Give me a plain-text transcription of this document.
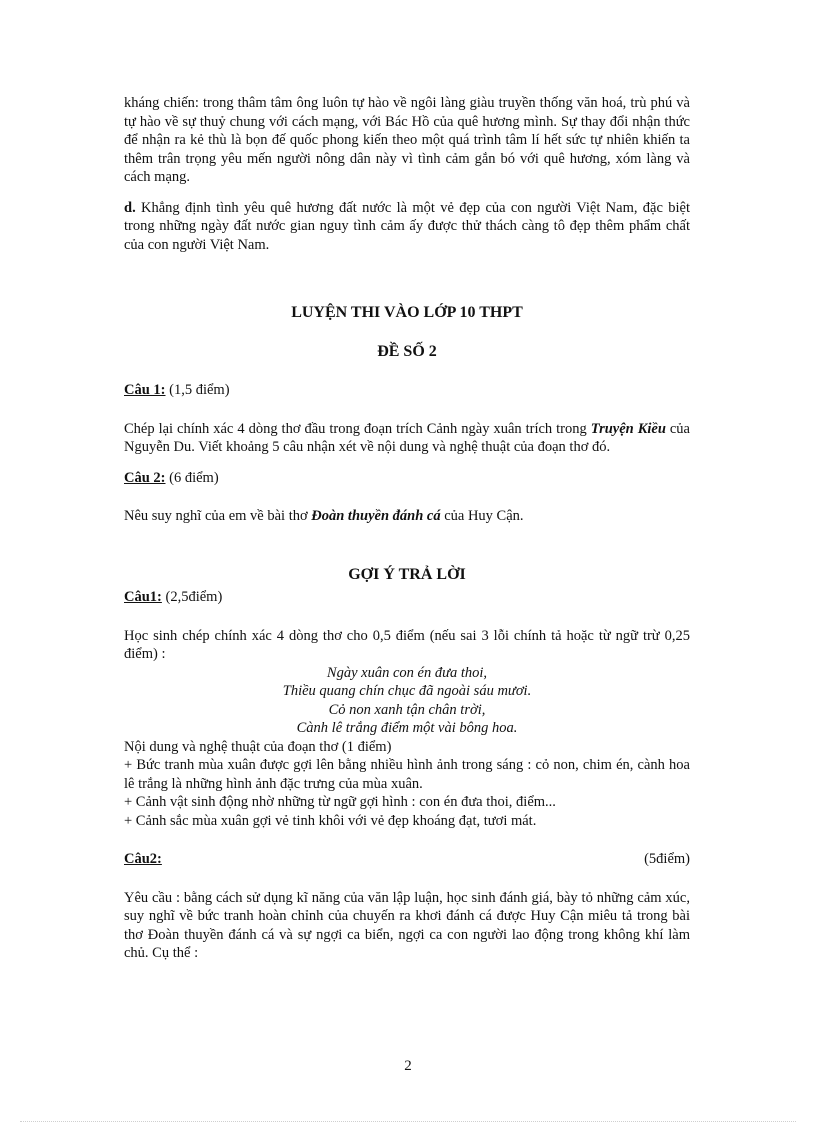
kháng chiến: trong thâm tâm ông luôn tự hào về ngôi làng giàu truyền thống văn hoá, trù phú và tự hào về sự thuỷ chung với cách mạng, với Bác Hồ của quê hương mình. Sự thay đổi nhận thức để nhận ra kẻ thù là bọn đế quốc phong kiến theo một quá trình tâm lí hết sức tự nhiên khiến ta thêm trân trọng yêu mến người nông dân này vì tình cảm gắn bó với quê hương, xóm làng và cách mạng.

d. Khẳng định tình yêu quê hương đất nước là một vẻ đẹp của con người Việt Nam, đặc biệt trong những ngày đất nước gian nguy tình cảm ấy được thử thách càng tô đẹp thêm phẩm chất của con người Việt Nam.

LUYỆN THI VÀO LỚP 10 THPT

ĐỀ SỐ 2

Câu 1: (1,5 điểm)

Chép lại chính xác 4 dòng thơ đầu trong đoạn trích Cảnh ngày xuân trích trong Truyện Kiều của Nguyễn Du. Viết khoảng 5 câu nhận xét về nội dung và nghệ thuật của đoạn thơ đó.

Câu 2: (6 điểm)

Nêu suy nghĩ của em về bài thơ Đoàn thuyền đánh cá của Huy Cận.

GỢI Ý TRẢ LỜI

Câu1: (2,5điểm)

Học sinh chép chính xác 4 dòng thơ cho 0,5 điểm (nếu sai 3 lỗi chính tả hoặc từ ngữ trừ 0,25 điểm) :

Ngày xuân con én đưa thoi,

Thiều quang chín chục đã ngoài sáu mươi.

Cỏ non xanh tận chân trời,

Cành lê trắng điểm một vài bông hoa.

Nội dung và nghệ thuật của đoạn thơ (1 điểm)

+ Bức tranh mùa xuân được gợi lên bằng nhiều hình ảnh trong sáng : cỏ non, chim én, cành hoa lê trắng là những hình ảnh đặc trưng của mùa xuân.

+ Cảnh vật sinh động nhờ những từ ngữ gợi hình : con én đưa thoi, điểm...

+ Cảnh sắc mùa xuân gợi vẻ tinh khôi với vẻ đẹp khoáng đạt, tươi mát.

Câu2:	(5điểm)

Yêu cầu : bằng cách sử dụng kĩ năng của văn lập luận, học sinh đánh giá, bày tỏ những cảm xúc, suy nghĩ về bức tranh hoàn chỉnh của chuyến ra khơi đánh cá được Huy Cận miêu tả trong bài thơ Đoàn thuyền đánh cá và sự ngợi ca biển, ngợi ca con người lao động trong không khí làm chủ. Cụ thể :

2
